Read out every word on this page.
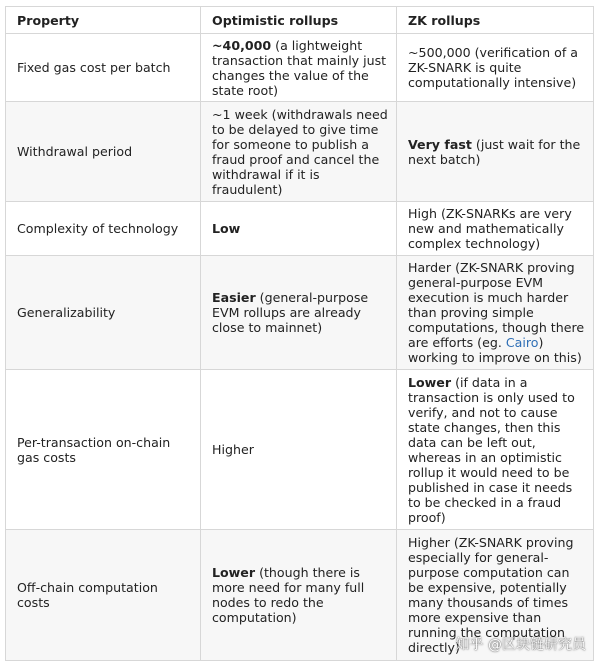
Property	Optimistic rollups	ZK rollups
Fixed gas cost per batch	~40,000 (a lightweight transaction that mainly just changes the value of the state root)	~500,000 (verification of a ZK-SNARK is quite computationally intensive)
Withdrawal period	~1 week (withdrawals need to be delayed to give time for someone to publish a fraud proof and cancel the withdrawal if it is fraudulent)	Very fast (just wait for the next batch)
Complexity of technology	Low	High (ZK-SNARKs are very new and mathematically complex technology)
Generalizability	Easier (general-purpose EVM rollups are already close to mainnet)	Harder (ZK-SNARK proving general-purpose EVM execution is much harder than proving simple computations, though there are efforts (eg. Cairo) working to improve on this)
Per-transaction on-chain gas costs	Higher	Lower (if data in a transaction is only used to verify, and not to cause state changes, then this data can be left out, whereas in an optimistic rollup it would need to be published in case it needs to be checked in a fraud proof)
Off-chain computation costs	Lower (though there is more need for many full nodes to redo the computation)	Higher (ZK-SNARK proving especially for general-purpose computation can be expensive, potentially many thousands of times more expensive than running the computation directly)
知乎 @区块链研究员
